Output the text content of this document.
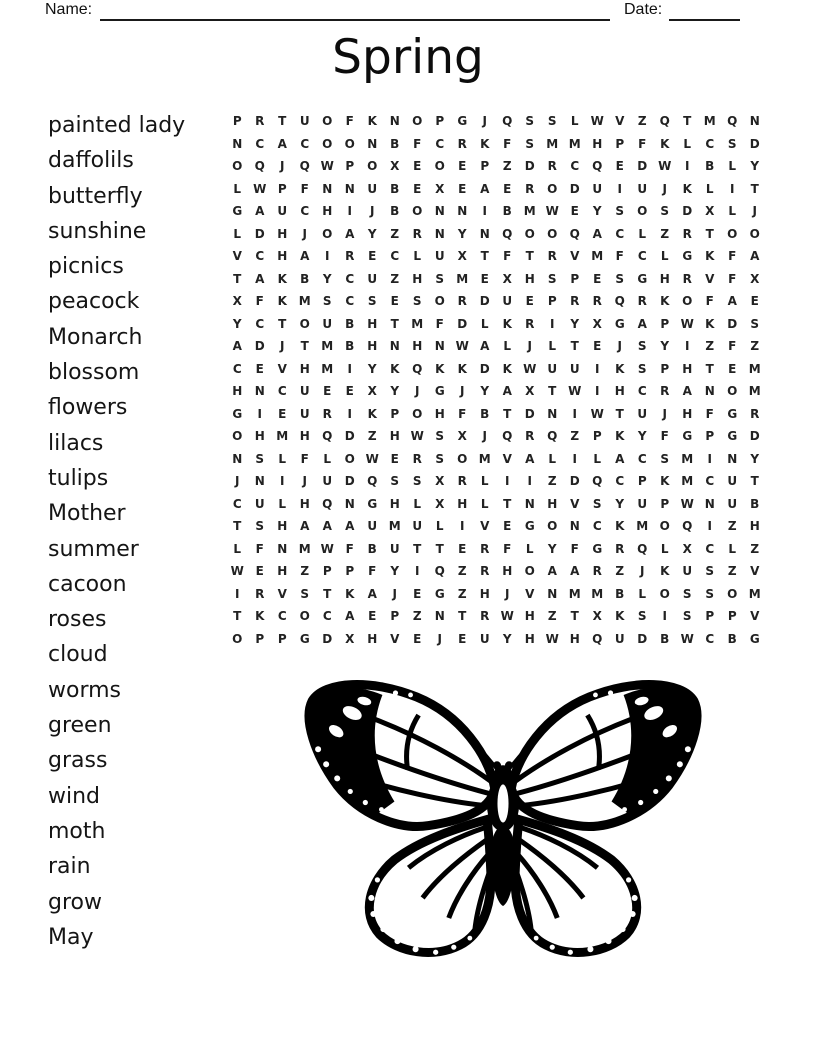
Name:	Date:
Spring
painted lady
daffolils
butterfly
sunshine
picnics
peacock
Monarch
blossom
flowers
lilacs
tulips
Mother
summer
cacoon
roses
cloud
worms
green
grass
wind
moth
rain
grow
May
P	R	T	U	O	F	K	N	O	P	G	J	Q	S	S	L	W V	Z	Q	T	M Q	N
N	C	A	C	O	O	N	B	F	C	R	K	F	S	M M H	P	F	K	L	C	S	D
O	Q	J	Q W P	O	X	E	O	E	P	Z	D	R	C	Q	E	D W	I	B	L	Y
L	W P	F	N	N	U	B	E	X	E	A	E	R	O	D	U	I	U	J	K	L	I	T
G	A	U	C	H	I	J	B	O	N	N	I	B M W E	Y	S	O	S	D	X	L	J
L	D	H	J	O	A	Y	Z	R	N	Y	N	Q	O	O	Q	A	C	L	Z	R	T	O	O
V	C	H	A	I	R	E	C	L	U	X	T	F	T	R	V M	F	C	L	G	K	F	A
T	A	K	B	Y	C	U	Z	H	S	M	E	X	H	S	P	E	S	G	H	R	V	F	X
X	F	K M	S	C	S	E	S	O	R	D	U	E	P	R	R	Q	R	K	O	F	A	E
Y	C	T	O	U	B	H	T	M	F	D	L	K	R	I	Y	X	G	A	P W K	D	S
A	D	J	T	M B	H	N	H	N W A	L	J	L	T	E	J	S	Y	I	Z	F	Z
C	E	V	H M	I	Y	K	Q	K	K	D	K W U	U	I	K	S	P	H	T	E	M
H	N	C	U	E	E	X	Y	J	G	J	Y	A	X	T W	I	H	C	R	A	N	O M
G	I	E	U	R	I	K	P	O	H	F	B	T	D	N	I	W T	U	J	H	F	G	R
O	H M H	Q	D	Z	H W S	X	J	Q	R	Q	Z	P	K	Y	F	G	P	G	D
N	S	L	F	L	O W E	R	S	O M V	A	L	I	L	A	C	S	M	I	N	Y
J	N	I	J	U	D	Q	S	S	X	R	L	I	I	Z	D	Q	C	P	K M	C	U	T
C	U	L	H	Q	N	G	H	L	X	H	L	T	N	H	V	S	Y	U	P W N	U	B
T	S	H	A	A	A	U M U	L	I	V	E	G	O	N	C	K M O	Q	I	Z	H
L	F	N M W F	B	U	T	T	E	R	F	L	Y	F	G	R	Q	L	X	C	L	Z
W E	H	Z	P	P	F	Y	I	Q	Z	R	H	O	A	A	R	Z	J	K	U	S	Z	V
I	R	V	S	T	K	A	J	E	G	Z	H	J	V	N M M B	L	O	S	S	O M
T	K	C	O	C	A	E	P	Z	N	T	R W H	Z	T	X	K	S	I	S	P	P	V
O	P	P	G	D	X	H	V	E	J	E	U	Y	H W H	Q	U	D	B W C	B	G
